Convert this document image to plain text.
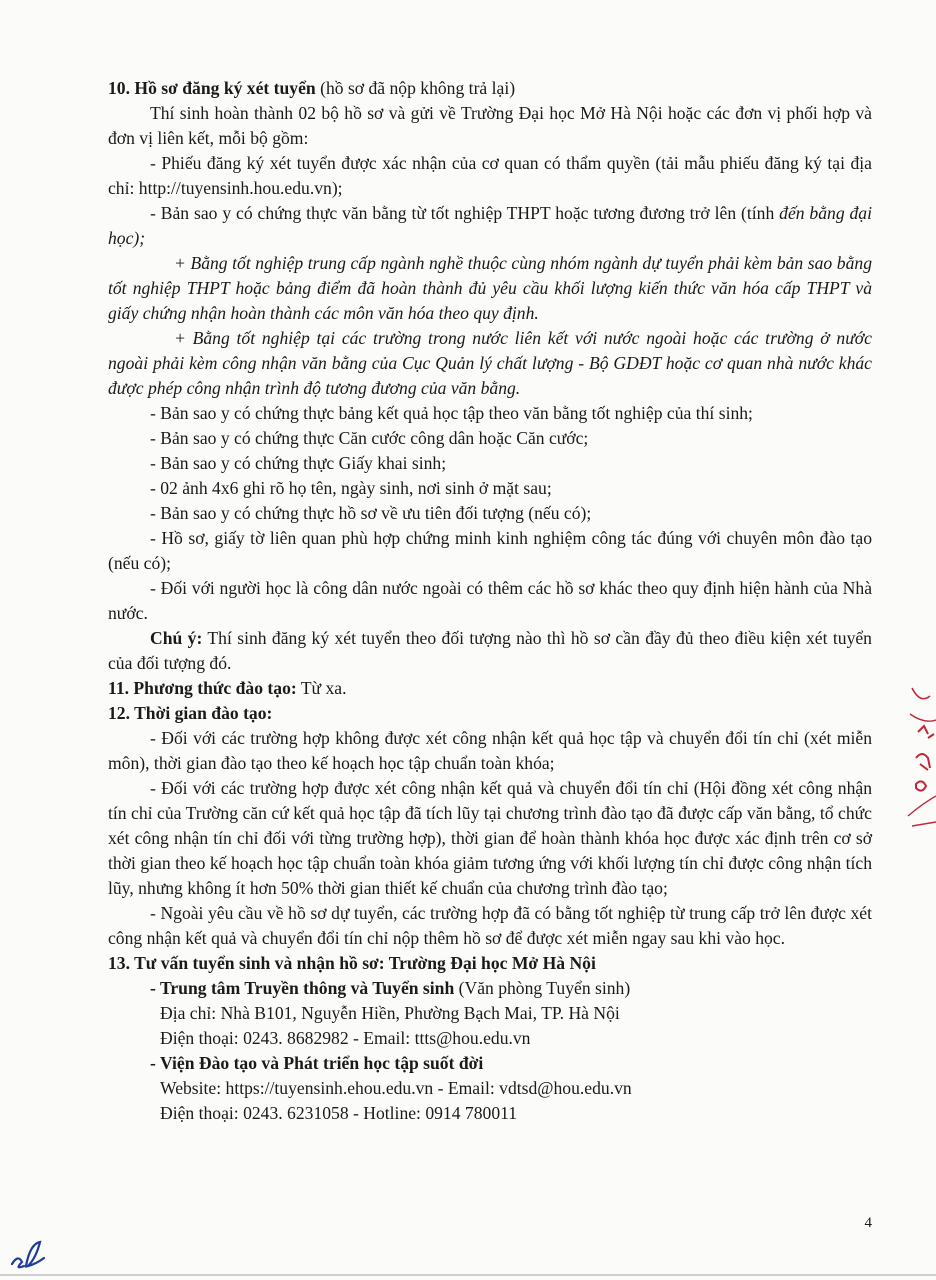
10. Hồ sơ đăng ký xét tuyển (hồ sơ đã nộp không trả lại)

Thí sinh hoàn thành 02 bộ hồ sơ và gửi về Trường Đại học Mở Hà Nội hoặc các đơn vị phối hợp và đơn vị liên kết, mỗi bộ gồm:

- Phiếu đăng ký xét tuyển được xác nhận của cơ quan có thẩm quyền (tải mẫu phiếu đăng ký tại địa chỉ: http://tuyensinh.hou.edu.vn);

- Bản sao y có chứng thực văn bằng từ tốt nghiệp THPT hoặc tương đương trở lên (tính đến bằng đại học);

+ Bằng tốt nghiệp trung cấp ngành nghề thuộc cùng nhóm ngành dự tuyển phải kèm bản sao bằng tốt nghiệp THPT hoặc bảng điểm đã hoàn thành đủ yêu cầu khối lượng kiến thức văn hóa cấp THPT và giấy chứng nhận hoàn thành các môn văn hóa theo quy định.

+ Bằng tốt nghiệp tại các trường trong nước liên kết với nước ngoài hoặc các trường ở nước ngoài phải kèm công nhận văn bằng của Cục Quản lý chất lượng - Bộ GDĐT hoặc cơ quan nhà nước khác được phép công nhận trình độ tương đương của văn bằng.

- Bản sao y có chứng thực bảng kết quả học tập theo văn bằng tốt nghiệp của thí sinh;

- Bản sao y có chứng thực Căn cước công dân hoặc Căn cước;

- Bản sao y có chứng thực Giấy khai sinh;

- 02 ảnh 4x6 ghi rõ họ tên, ngày sinh, nơi sinh ở mặt sau;

- Bản sao y có chứng thực hồ sơ về ưu tiên đối tượng (nếu có);

- Hồ sơ, giấy tờ liên quan phù hợp chứng minh kinh nghiệm công tác đúng với chuyên môn đào tạo (nếu có);

- Đối với người học là công dân nước ngoài có thêm các hồ sơ khác theo quy định hiện hành của Nhà nước.

Chú ý: Thí sinh đăng ký xét tuyển theo đối tượng nào thì hồ sơ cần đầy đủ theo điều kiện xét tuyển của đối tượng đó.

11. Phương thức đào tạo: Từ xa.

12. Thời gian đào tạo:

- Đối với các trường hợp không được xét công nhận kết quả học tập và chuyển đổi tín chỉ (xét miễn môn), thời gian đào tạo theo kế hoạch học tập chuẩn toàn khóa;

- Đối với các trường hợp được xét công nhận kết quả và chuyển đổi tín chỉ (Hội đồng xét công nhận tín chỉ của Trường căn cứ kết quả học tập đã tích lũy tại chương trình đào tạo đã được cấp văn bằng, tổ chức xét công nhận tín chỉ đối với từng trường hợp), thời gian để hoàn thành khóa học được xác định trên cơ sở thời gian theo kế hoạch học tập chuẩn toàn khóa giảm tương ứng với khối lượng tín chỉ được công nhận tích lũy, nhưng không ít hơn 50% thời gian thiết kế chuẩn của chương trình đào tạo;

- Ngoài yêu cầu về hồ sơ dự tuyển, các trường hợp đã có bằng tốt nghiệp từ trung cấp trở lên được xét công nhận kết quả và chuyển đổi tín chỉ nộp thêm hồ sơ để được xét miễn ngay sau khi vào học.

13. Tư vấn tuyển sinh và nhận hồ sơ: Trường Đại học Mở Hà Nội

- Trung tâm Truyền thông và Tuyển sinh (Văn phòng Tuyển sinh)

Địa chỉ: Nhà B101, Nguyễn Hiền, Phường Bạch Mai, TP. Hà Nội

Điện thoại: 0243. 8682982 - Email: ttts@hou.edu.vn

- Viện Đào tạo và Phát triển học tập suốt đời

Website: https://tuyensinh.ehou.edu.vn - Email: vdtsd@hou.edu.vn

Điện thoại: 0243. 6231058 - Hotline: 0914 780011

4
